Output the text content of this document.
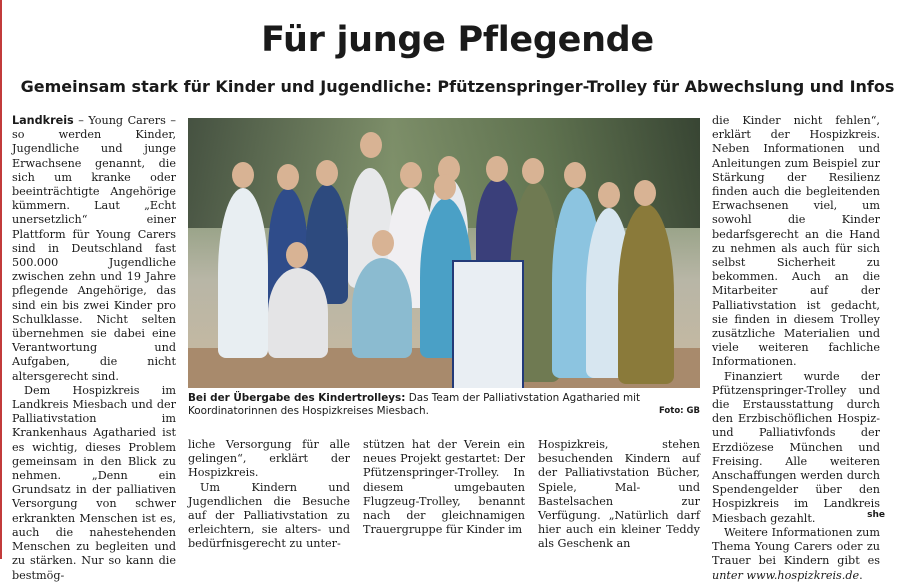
Für junge Pflegende
Gemeinsam stark für Kinder und Jugendliche: Pfützenspringer-Trolley für Abwechslung und Infos

Landkreis – Young Carers – so werden Kinder, Jugendliche und junge Erwachsene genannt, die sich um kranke oder beeinträchtigte Angehörige kümmern. Laut „Echt unersetzlich“ einer Plattform für Young Carers sind in Deutschland fast 500.000 Jugendliche zwischen zehn und 19 Jahre pflegende Angehörige, das sind ein bis zwei Kinder pro Schulklasse. Nicht selten übernehmen sie dabei eine Verantwortung und Aufgaben, die nicht altersgerecht sind.

Dem Hospizkreis im Landkreis Miesbach und der Palliativstation im Krankenhaus Agatharied ist es wichtig, dieses Problem gemeinsam in den Blick zu nehmen. „Denn ein Grundsatz in der palliativen Versorgung von schwer erkrankten Menschen ist es, auch die nahestehenden Menschen zu begleiten und zu stärken. Nur so kann die bestmög-

Bei der Übergabe des Kindertrolleys: Das Team der Palliativstation Agatharied mit Koordinatorinnen des Hospizkreises Miesbach.	Foto: GB

liche Versorgung für alle gelingen“, erklärt der Hospizkreis.

Um Kindern und Jugendlichen die Besuche auf der Palliativstation zu erleichtern, sie alters- und bedürfnisgerecht zu unter-

stützen hat der Verein ein neues Projekt gestartet: Der Pfützenspringer-Trolley. In diesem umgebauten Flugzeug-Trolley, benannt nach der gleichnamigen Trauergruppe für Kinder im

Hospizkreis, stehen besuchenden Kindern auf der Palliativstation Bücher, Spiele, Mal- und Bastelsachen zur Verfügung. „Natürlich darf hier auch ein kleiner Teddy als Geschenk an

die Kinder nicht fehlen“, erklärt der Hospizkreis. Neben Informationen und Anleitungen zum Beispiel zur Stärkung der Resilienz finden auch die begleitenden Erwachsenen viel, um sowohl die Kinder bedarfsgerecht an die Hand zu nehmen als auch für sich selbst Sicherheit zu bekommen. Auch an die Mitarbeiter auf der Palliativstation ist gedacht, sie finden in diesem Trolley zusätzliche Materialien und viele weiteren fachliche Informationen.

Finanziert wurde der Pfützenspringer-Trolley und die Erstausstattung durch den Erzbischöflichen Hospiz- und Palliativfonds der Erzdiözese München und Freising. Alle weiteren Anschaffungen werden durch Spendengelder über den Hospizkreis im Landkreis Miesbach gezahlt.

Weitere Informationen zum Thema Young Carers oder zu Trauer bei Kindern gibt es unter www.hospizkreis.de.

she
